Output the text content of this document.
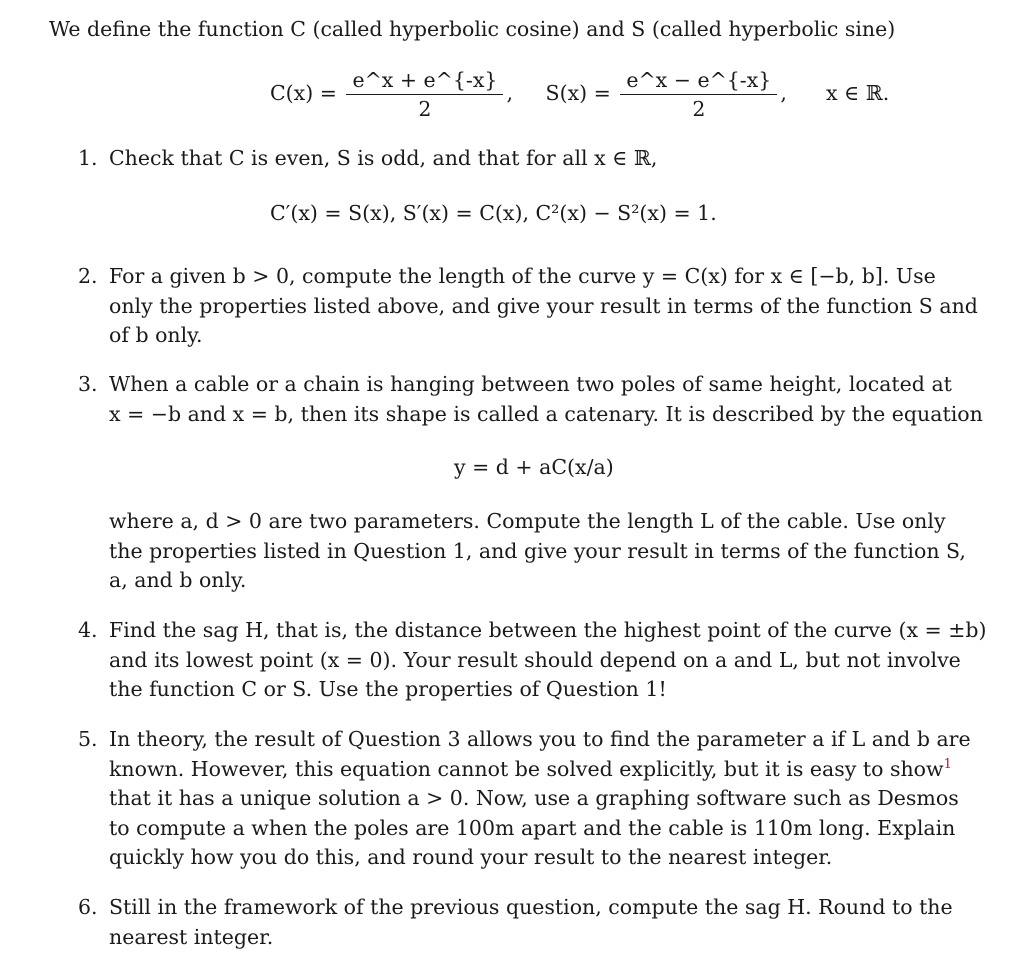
We define the function C (called hyperbolic cosine) and S (called hyperbolic sine)
$C(x) = \frac{e\^{}x + e\^{}\{-x\}}{2}$ ,     $S(x) = \frac{e\^{}x - e\^{}\{-x\}}{2}$ ,      x ∈ ℝ.
1. Check that C is even, S is odd, and that for all x ∈ ℝ,
C′(x) = S(x), S′(x) = C(x), C²(x) − S²(x) = 1.
2. For a given b > 0, compute the length of the curve y = C(x) for x ∈ [−b, b]. Use
only the properties listed above, and give your result in terms of the function S and
of b only.
3. When a cable or a chain is hanging between two poles of same height, located at
x = −b and x = b, then its shape is called a catenary. It is described by the equation
y = d + aC(x/a)
where a, d > 0 are two parameters. Compute the length L of the cable. Use only
the properties listed in Question 1, and give your result in terms of the function S,
a, and b only.
4. Find the sag H, that is, the distance between the highest point of the curve (x = ±b)
and its lowest point (x = 0). Your result should depend on a and L, but not involve
the function C or S. Use the properties of Question 1!
5. In theory, the result of Question 3 allows you to find the parameter a if L and b are
known. However, this equation cannot be solved explicitly, but it is easy to show$^1$
that it has a unique solution a > 0. Now, use a graphing software such as Desmos
to compute a when the poles are 100m apart and the cable is 110m long. Explain
quickly how you do this, and round your result to the nearest integer.
6. Still in the framework of the previous question, compute the sag H. Round to the
nearest integer.
